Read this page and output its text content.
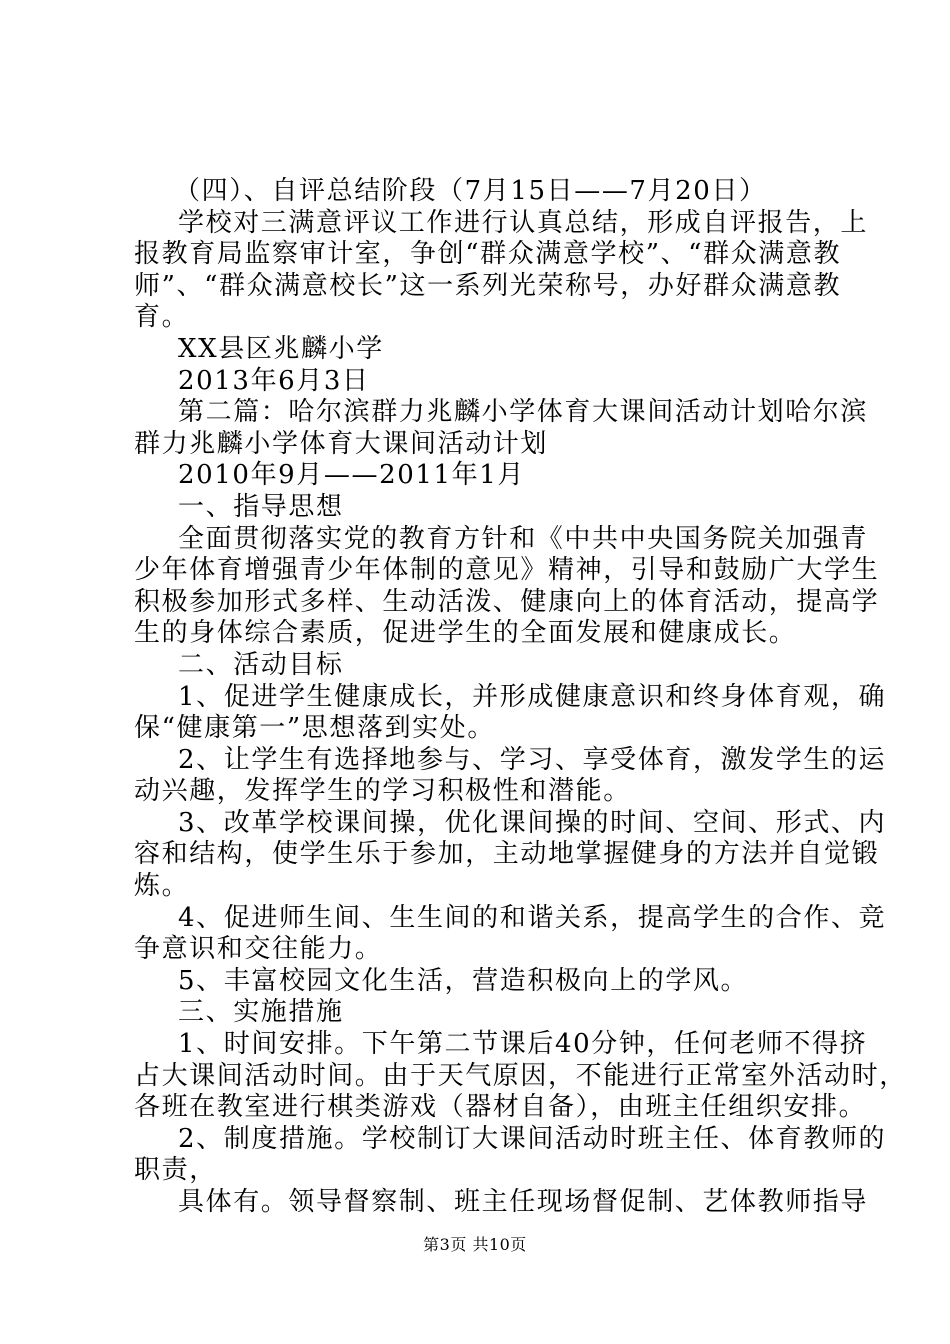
（四）、自评总结阶段（7月15日——7月20日）
学校对三满意评议工作进行认真总结，形成自评报告，上
报教育局监察审计室，争创“群众满意学校”、“群众满意教
师”、“群众满意校长”这一系列光荣称号，办好群众满意教
育。
XX县区兆麟小学
2013年6月3日
第二篇：哈尔滨群力兆麟小学体育大课间活动计划哈尔滨
群力兆麟小学体育大课间活动计划
2010年9月——2011年1月
一、指导思想
全面贯彻落实党的教育方针和《中共中央国务院关加强青
少年体育增强青少年体制的意见》精神，引导和鼓励广大学生
积极参加形式多样、生动活泼、健康向上的体育活动，提高学
生的身体综合素质，促进学生的全面发展和健康成长。
二、活动目标
1、促进学生健康成长，并形成健康意识和终身体育观，确
保“健康第一”思想落到实处。
2、让学生有选择地参与、学习、享受体育，激发学生的运
动兴趣，发挥学生的学习积极性和潜能。
3、改革学校课间操，优化课间操的时间、空间、形式、内
容和结构，使学生乐于参加，主动地掌握健身的方法并自觉锻
炼。
4、促进师生间、生生间的和谐关系，提高学生的合作、竞
争意识和交往能力。
5、丰富校园文化生活，营造积极向上的学风。
三、实施措施
1、时间安排。下午第二节课后40分钟，任何老师不得挤
占大课间活动时间。由于天气原因，不能进行正常室外活动时，
各班在教室进行棋类游戏（器材自备），由班主任组织安排。
2、制度措施。学校制订大课间活动时班主任、体育教师的
职责，
具体有。领导督察制、班主任现场督促制、艺体教师指导
第3页 共10页
